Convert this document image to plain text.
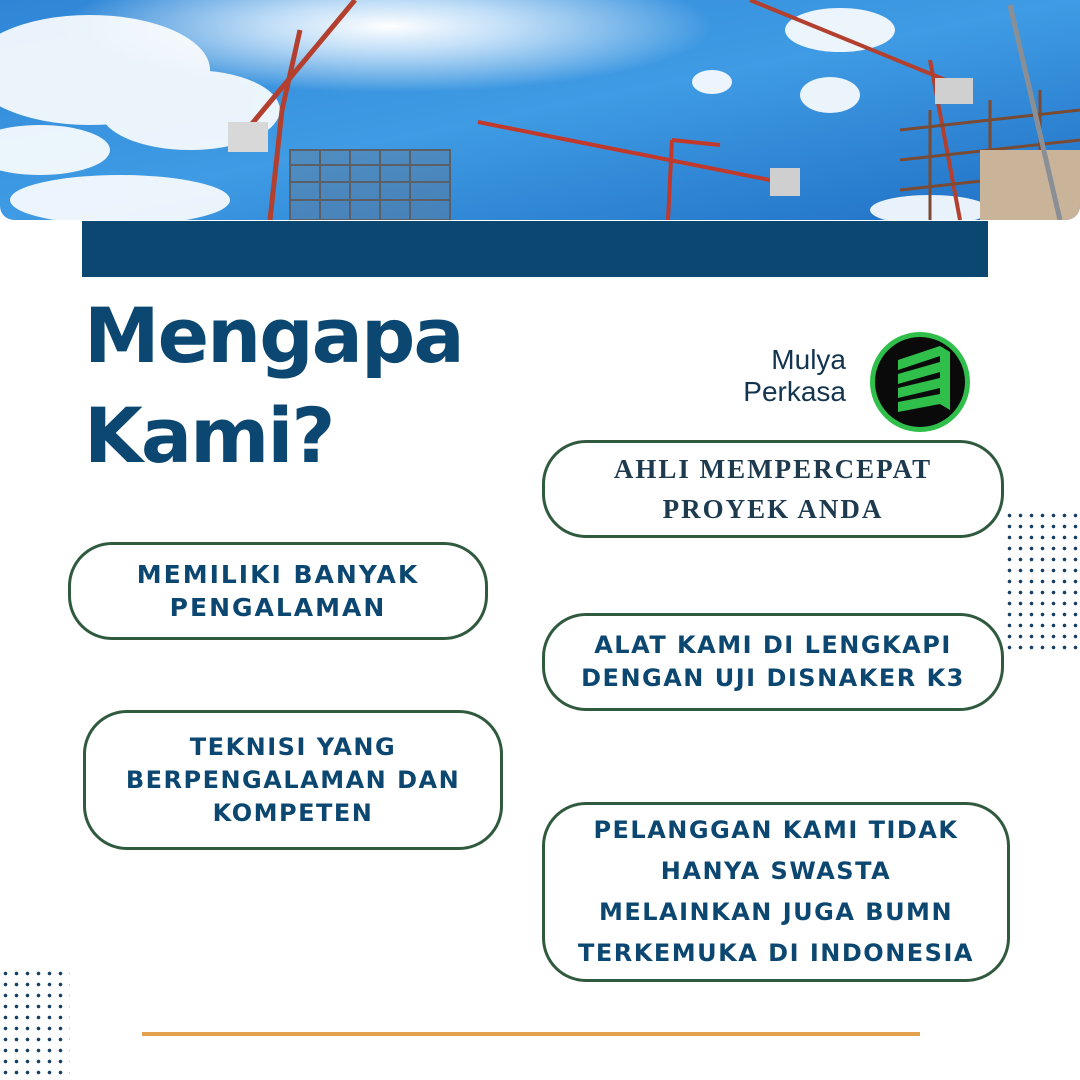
Mengapa
Kami?
Mulya
Perkasa
AHLI MEMPERCEPAT
PROYEK ANDA
MEMILIKI BANYAK
PENGALAMAN
ALAT KAMI DI LENGKAPI
DENGAN UJI DISNAKER K3
TEKNISI YANG
BERPENGALAMAN DAN
KOMPETEN
PELANGGAN KAMI TIDAK
HANYA SWASTA
MELAINKAN JUGA BUMN
TERKEMUKA DI INDONESIA
